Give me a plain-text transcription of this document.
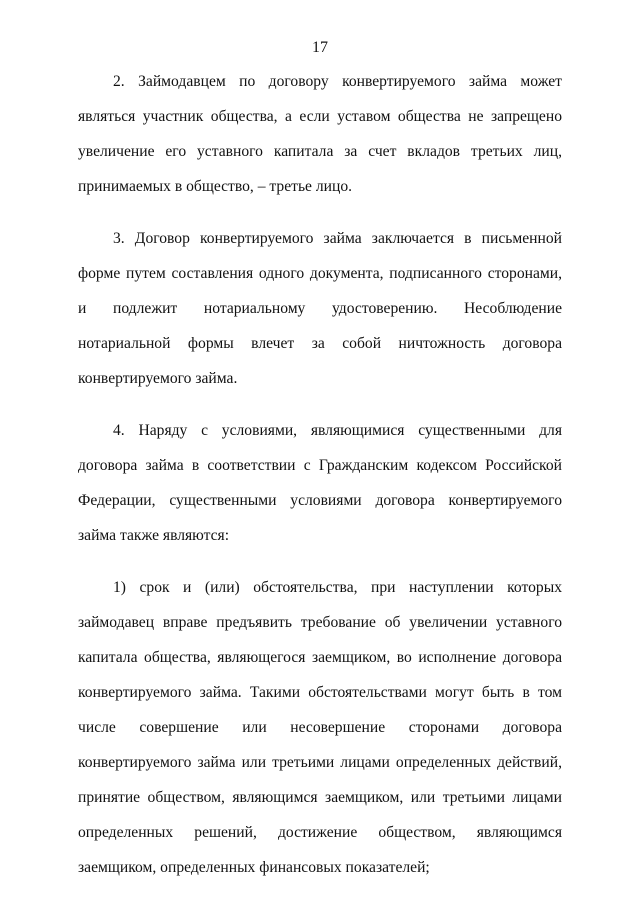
17

2. Займодавцем по договору конвертируемого займа может являться участник общества, а если уставом общества не запрещено увеличение его уставного капитала за счет вкладов третьих лиц, принимаемых в общество, – третье лицо.

3. Договор конвертируемого займа заключается в письменной форме путем составления одного документа, подписанного сторонами, и подлежит нотариальному удостоверению. Несоблюдение нотариальной формы влечет за собой ничтожность договора конвертируемого займа.

4. Наряду с условиями, являющимися существенными для договора займа в соответствии с Гражданским кодексом Российской Федерации, существенными условиями договора конвертируемого займа также являются:

1) срок и (или) обстоятельства, при наступлении которых займодавец вправе предъявить требование об увеличении уставного капитала общества, являющегося заемщиком, во исполнение договора конвертируемого займа. Такими обстоятельствами могут быть в том числе совершение или несовершение сторонами договора конвертируемого займа или третьими лицами определенных действий, принятие обществом, являющимся заемщиком, или третьими лицами определенных решений, достижение обществом, являющимся заемщиком, определенных финансовых показателей;
